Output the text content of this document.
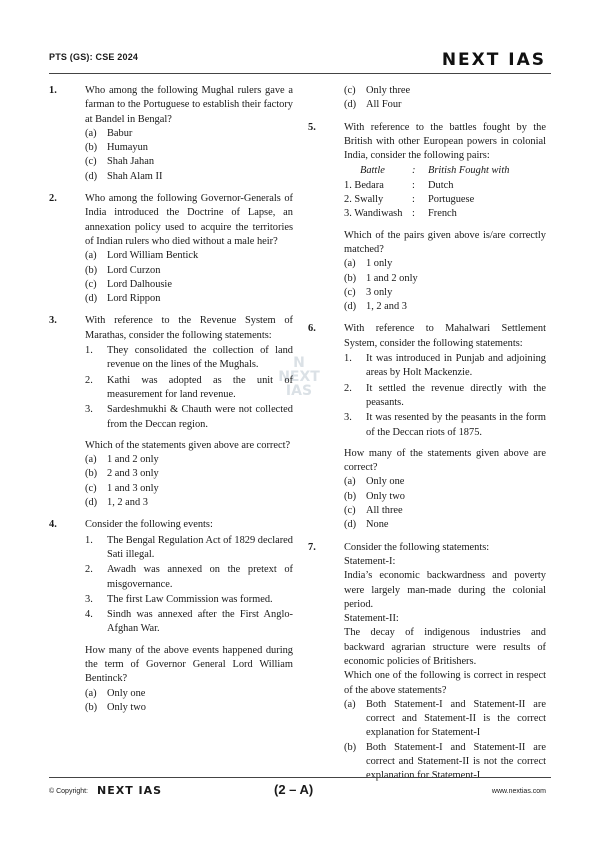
PTS (GS): CSE 2024	NEXT IAS
N
NEXT
IAS
1.	Who among the following Mughal rulers gave a farman to the Portuguese to establish their factory at Bandel in Bengal?
(a)	Babur
(b) Humayun
(c)	Shah Jahan
(d) Shah Alam II
2.	Who among the following Governor-Generals of India introduced the Doctrine of Lapse, an annexation policy used to acquire the territories of Indian rulers who died without a male heir?
(a)	Lord William Bentick
(b) Lord Curzon
(c)	Lord Dalhousie
(d) Lord Rippon
3.	With reference to the Revenue System of Marathas, consider the following statements:
1.	They consolidated the collection of land revenue on the lines of the Mughals.
2.	Kathi was adopted as the unit of measurement for land revenue.
3.	Sardeshmukhi & Chauth were not collected from the Deccan region.
Which of the statements given above are correct?
(a)	1 and 2 only
(b) 2 and 3 only
(c)	1 and 3 only
(d) 1, 2 and 3
4.	Consider the following events:
1.	The Bengal Regulation Act of 1829 declared Sati illegal.
2.	Awadh was annexed on the pretext of misgovernance.
3.	The first Law Commission was formed.
4.	Sindh was annexed after the First Anglo-Afghan War.
How many of the above events happened during the term of Governor General Lord William Bentinck?
(a)	Only one
(b) Only two
(c)	Only three
(d) All Four
5.	With reference to the battles fought by the British with other European powers in colonial India, consider the following pairs:
Battle	:	British Fought with
1. Bedara	:	Dutch
2. Swally	:	Portuguese
3. Wandiwash :	French
Which of the pairs given above is/are correctly matched?
(a)	1 only
(b) 1 and 2 only
(c)	3 only
(d) 1, 2 and 3
6.	With reference to Mahalwari Settlement System, consider the following statements:
1.	It was introduced in Punjab and adjoining areas by Holt Mackenzie.
2.	It settled the revenue directly with the peasants.
3.	It was resented by the peasants in the form of the Deccan riots of 1875.
How many of the statements given above are correct?
(a)	Only one
(b) Only two
(c)	All three
(d) None
7.	Consider the following statements:
Statement-I:
India’s economic backwardness and poverty were largely man-made during the colonial period.
Statement-II:
The decay of indigenous industries and backward agrarian structure were results of economic policies of Britishers.
Which one of the following is correct in respect of the above statements?
(a)	Both Statement-I and Statement-II are correct and Statement-II is the correct explanation for Statement-I
(b) Both Statement-I and Statement-II are correct and Statement-II is not the correct explanation for Statement-I
© Copyright: NEXT IAS	(2 – A)	www.nextias.com
